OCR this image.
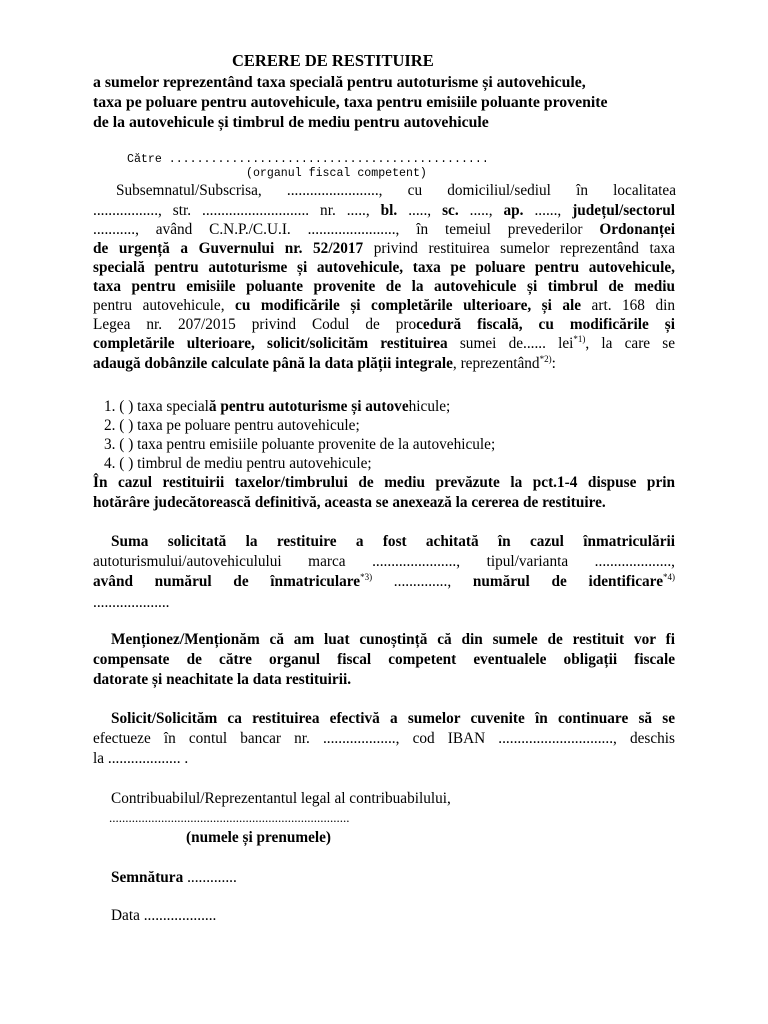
CERERE DE RESTITUIRE
a sumelor reprezentând taxa specială pentru autoturisme și autovehicule,
taxa pe poluare pentru autovehicule, taxa pentru emisiile poluante provenite
de la autovehicule și timbrul de mediu pentru autovehicule
Către ..............................................
(organul fiscal competent)
Subsemnatul/Subscrisa, ........................, cu domiciliul/sediul în localitatea
................., str. ............................ nr. ....., bl. ....., sc. ....., ap. ......, județul/sectorul
..........., având C.N.P./C.U.I. ......................., în temeiul prevederilor Ordonanței
de urgență a Guvernului nr. 52/2017 privind restituirea sumelor reprezentând taxa
specială pentru autoturisme și autovehicule, taxa pe poluare pentru autovehicule,
taxa pentru emisiile poluante provenite de la autovehicule și timbrul de mediu
pentru autovehicule, cu modificările și completările ulterioare, și ale art. 168 din
Legea nr. 207/2015 privind Codul de procedură fiscală, cu modificările și
completările ulterioare, solicit/solicităm restituirea sumei de...... lei$^{*1)}$, la care se
adaugă dobânzile calculate până la data plății integrale, reprezentând$^{*2)}$:
1. ( ) taxa specială pentru autoturisme și autovehicule;
2. ( ) taxa pe poluare pentru autovehicule;
3. ( ) taxa pentru emisiile poluante provenite de la autovehicule;
4. ( ) timbrul de mediu pentru autovehicule;
În cazul restituirii taxelor/timbrului de mediu prevăzute la pct.1-4 dispuse prin
hotărâre judecătorească definitivă, aceasta se anexează la cererea de restituire.
Suma solicitată la restituire a fost achitată în cazul înmatriculării
autoturismului/autovehiculului marca ......................, tipul/varianta ....................,
având numărul de înmatriculare$^{*3)}$ .............., numărul de identificare$^{*4)}$
....................
Menționez/Menționăm că am luat cunoștință că din sumele de restituit vor fi
compensate de către organul fiscal competent eventualele obligații fiscale
datorate și neachitate la data restituirii.
Solicit/Solicităm ca restituirea efectivă a sumelor cuvenite în continuare să se
efectueze în contul bancar nr. ..................., cod IBAN .............................., deschis
la ................... .
Contribuabilul/Reprezentantul legal al contribuabilului,
..........................................................................
(numele și prenumele)
Semnătura .............
Data ...................
